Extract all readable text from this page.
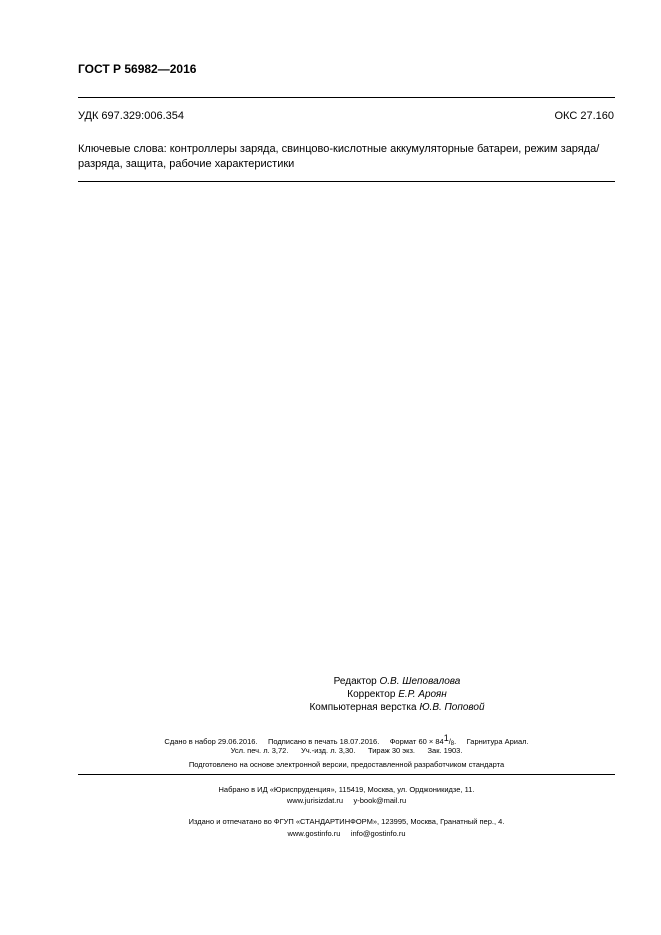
ГОСТ Р 56982—2016
УДК 697.329:006.354	ОКС 27.160
Ключевые слова: контроллеры заряда, свинцово-кислотные аккумуляторные батареи, режим заряда/разряда, защита, рабочие характеристики
Редактор О.В. Шеповалова
Корректор Е.Р. Ароян
Компьютерная верстка Ю.В. Поповой
Сдано в набор 29.06.2016. Подписано в печать 18.07.2016. Формат $60 \times 84^1/_8$. Гарнитура Ариал.
Усл. печ. л. 3,72. Уч.-изд. л. 3,30. Тираж 30 экз. Зак. 1903.
Подготовлено на основе электронной версии, предоставленной разработчиком стандарта
Набрано в ИД «Юриспруденция», 115419, Москва, ул. Орджоникидзе, 11.
www.jurisizdat.ru y-book@mail.ru
Издано и отпечатано во ФГУП «СТАНДАРТИНФОРМ», 123995, Москва, Гранатный пер., 4.
www.gostinfo.ru info@gostinfo.ru
